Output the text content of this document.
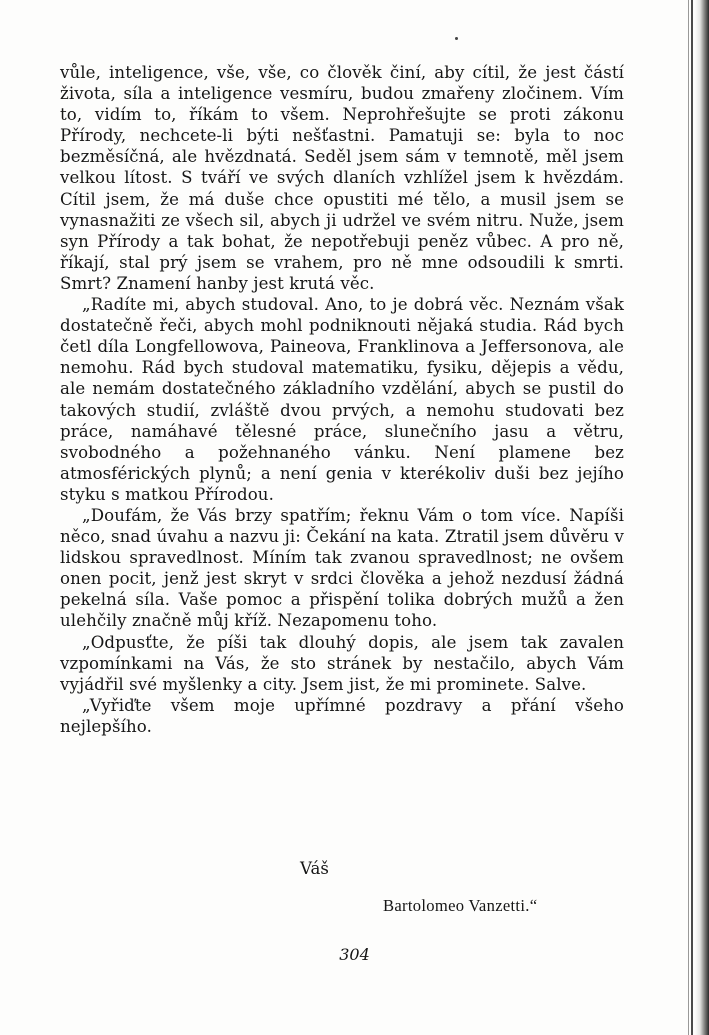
vůle, inteligence, vše, vše, co člověk činí, aby cítil, že jest částí života, síla a inteligence vesmíru, budou zmařeny zločinem. Vím to, vidím to, říkám to všem. Neprohřešujte se proti zákonu Přírody, nechcete-li býti nešťastni. Pamatuji se: byla to noc bezměsíčná, ale hvězdnatá. Seděl jsem sám v temnotě, měl jsem velkou lítost. S tváří ve svých dlaních vzhlížel jsem k hvězdám. Cítil jsem, že má duše chce opustiti mé tělo, a musil jsem se vynasnažiti ze všech sil, abych ji udržel ve svém nitru. Nuže, jsem syn Přírody a tak bohat, že nepotřebuji peněz vůbec. A pro ně, říkají, stal prý jsem se vrahem, pro ně mne odsoudili k smrti. Smrt? Znamení hanby jest krutá věc.

„Radíte mi, abych studoval. Ano, to je dobrá věc. Neznám však dostatečně řeči, abych mohl podniknouti nějaká studia. Rád bych četl díla Longfellowova, Paineova, Franklinova a Jeffersonova, ale nemohu. Rád bych studoval matematiku, fysiku, dějepis a vědu, ale nemám dostatečného základního vzdělání, abych se pustil do takových studií, zvláště dvou prvých, a nemohu studovati bez práce, namáhavé tělesné práce, slunečního jasu a větru, svobodného a požehnaného vánku. Není plamene bez atmosférických plynů; a není genia v kterékoliv duši bez jejího styku s matkou Přírodou.

„Doufám, že Vás brzy spatřím; řeknu Vám o tom více. Napíši něco, snad úvahu a nazvu ji: Čekání na kata. Ztratil jsem důvěru v lidskou spravedlnost. Míním tak zvanou spravedlnost; ne ovšem onen pocit, jenž jest skryt v srdci člověka a jehož nezdusí žádná pekelná síla. Vaše pomoc a přispění tolika dobrých mužů a žen ulehčily značně můj kříž. Nezapomenu toho.

„Odpusťte, že píši tak dlouhý dopis, ale jsem tak zavalen vzpomínkami na Vás, že sto stránek by nestačilo, abych Vám vyjádřil své myšlenky a city. Jsem jist, že mi prominete. Salve.

„Vyřiďte všem moje upřímné pozdravy a přání všeho nejlepšího.

Váš
Bartolomeo Vanzetti.“
304
